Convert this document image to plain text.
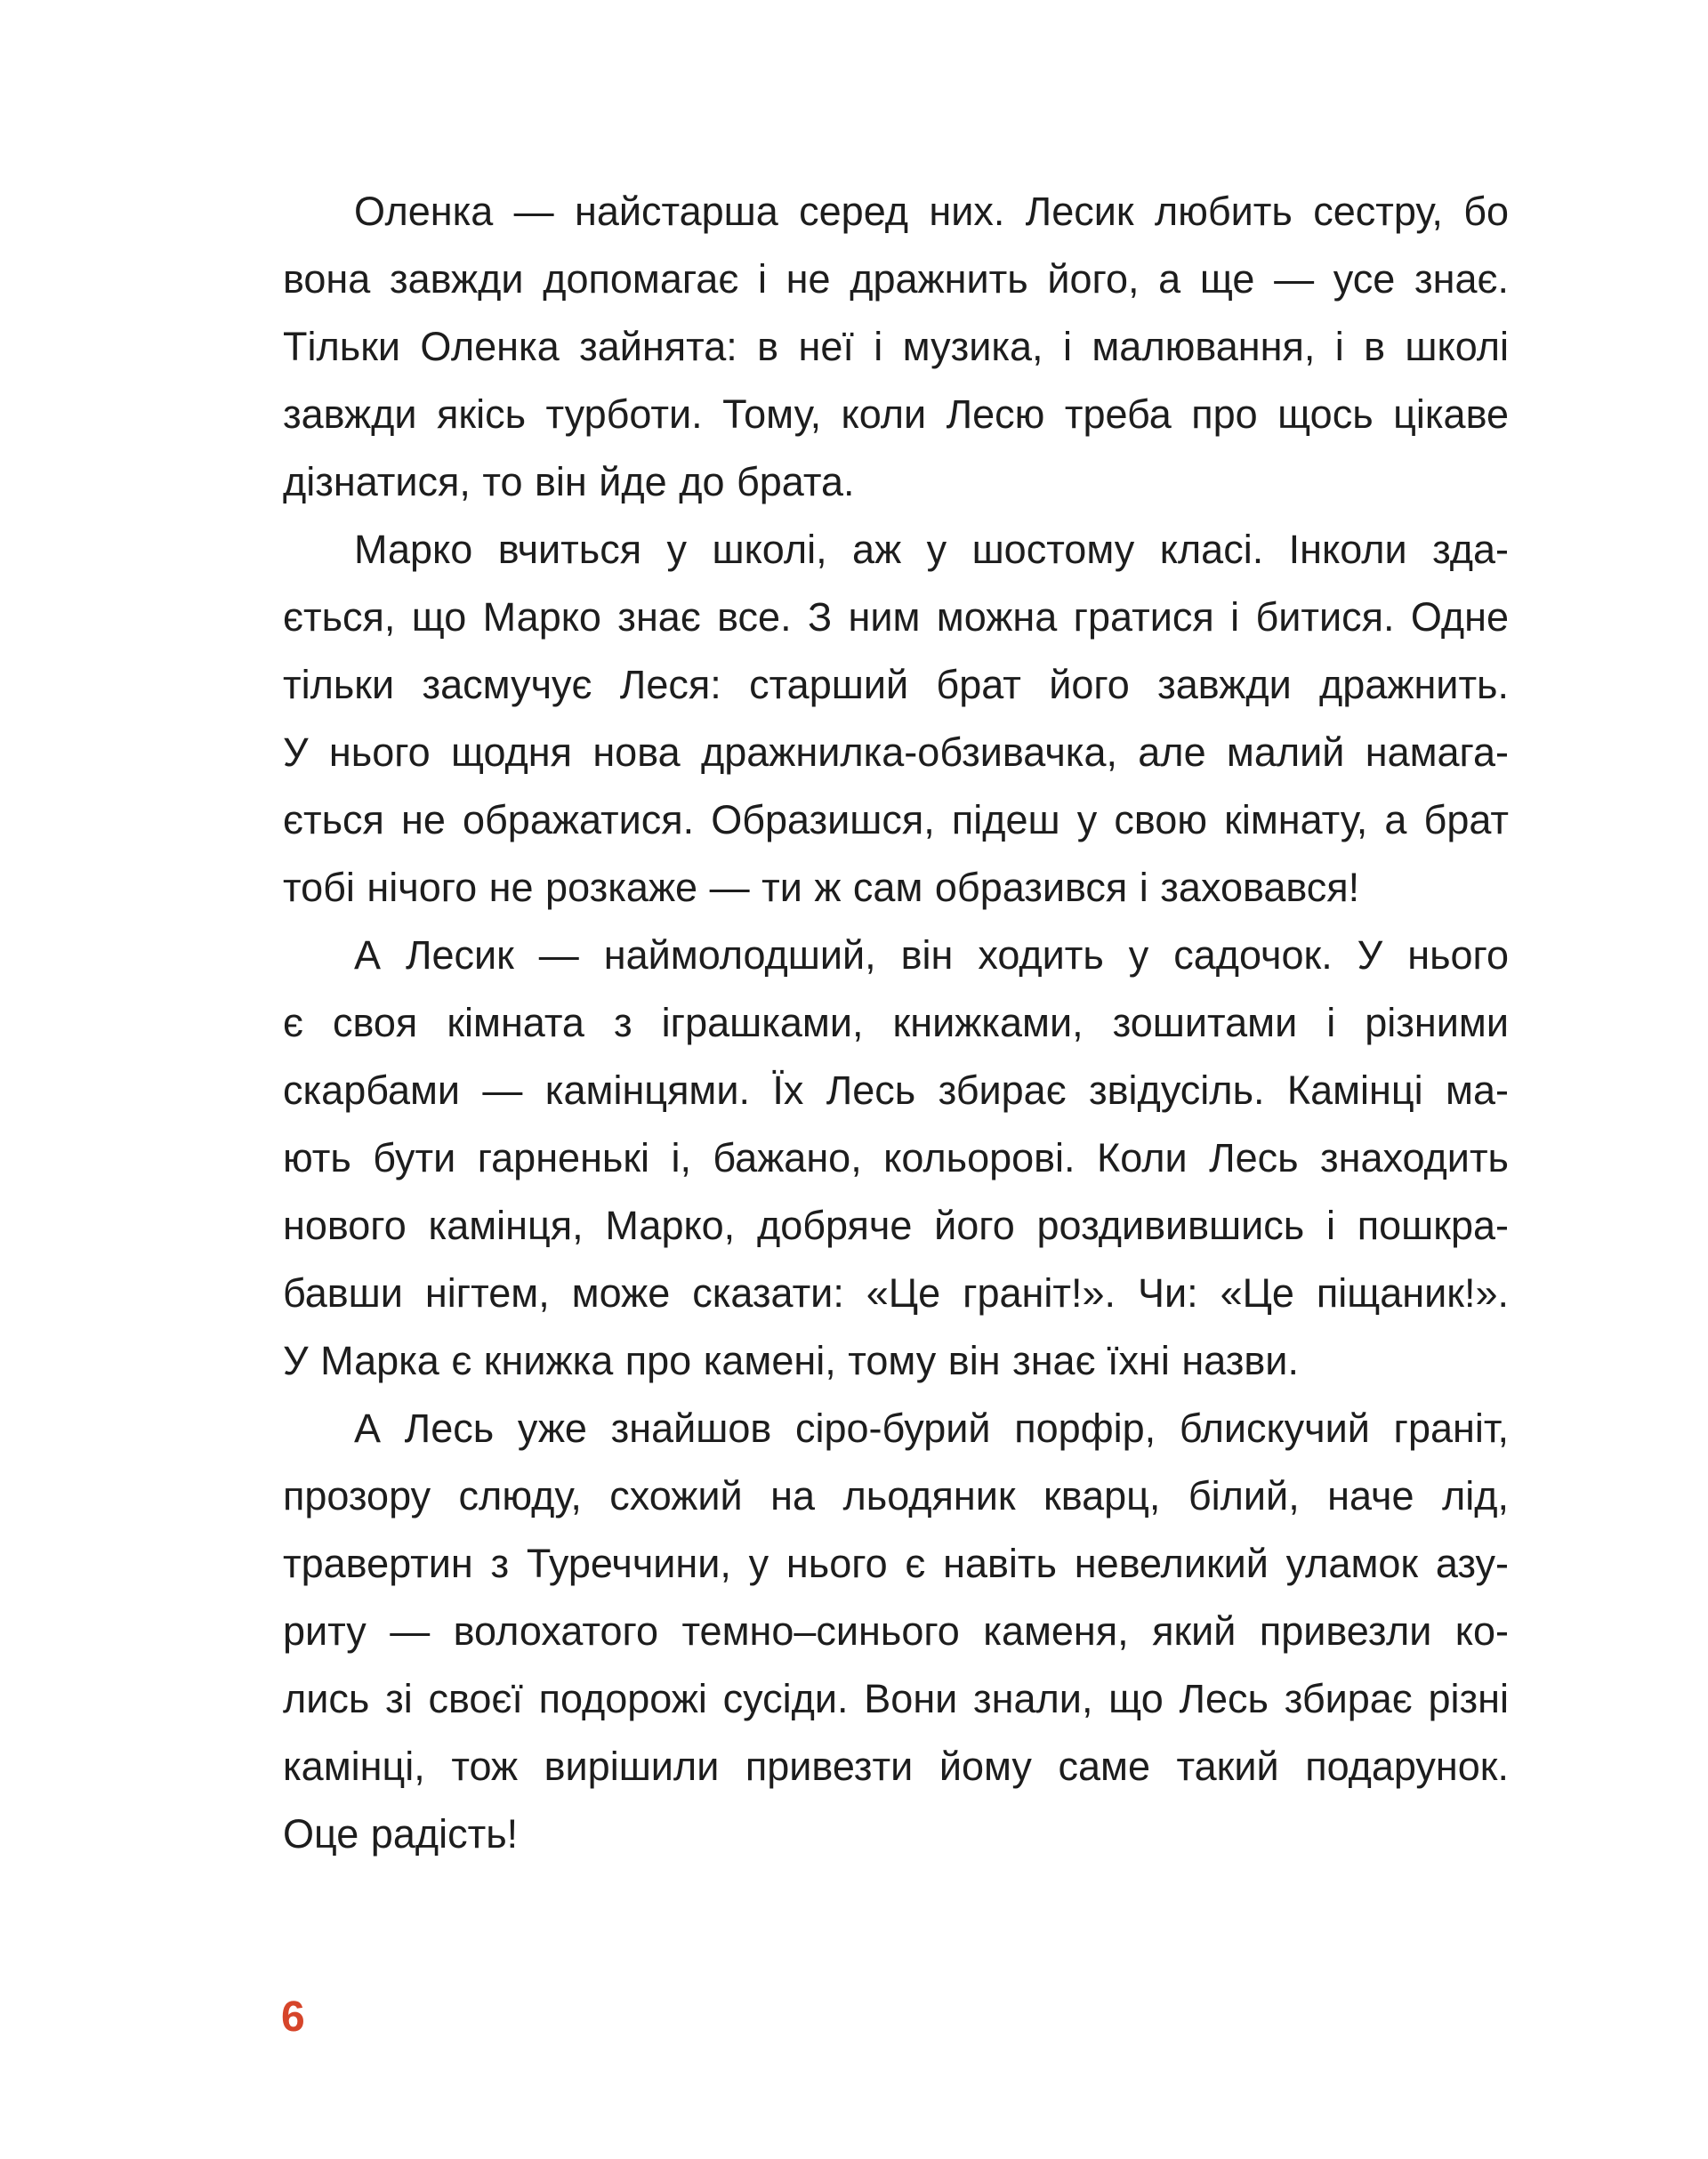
Оленка — найстарша серед них. Лесик любить сестру, бо
вона завжди допомагає і не дражнить його, а ще — усе знає.
Тільки Оленка зайнята: в неї і музика, і малювання, і в школі
завжди якісь турботи. Тому, коли Лесю треба про щось цікаве
дізнатися, то він йде до брата.
Марко вчиться у школі, аж у шостому класі. Інколи зда-
ється, що Марко знає все. З ним можна гратися і битися. Одне
тільки засмучує Леся: старший брат його завжди дражнить.
У нього щодня нова дражнилка-обзивачка, але малий намага-
ється не ображатися. Образишся, підеш у свою кімнату, а брат
тобі нічого не розкаже — ти ж сам образився і заховався!
А Лесик — наймолодший, він ходить у садочок. У нього
є своя кімната з іграшками, книжками, зошитами і різними
скарбами — камінцями. Їх Лесь збирає звідусіль. Камінці ма-
ють бути гарненькі і, бажано, кольорові. Коли Лесь знаходить
нового камінця, Марко, добряче його роздивившись і пошкра-
бавши нігтем, може сказати: «Це граніт!». Чи: «Це піщаник!».
У Марка є книжка про камені, тому він знає їхні назви.
А Лесь уже знайшов сіро-бурий порфір, блискучий граніт,
прозору слюду, схожий на льодяник кварц, білий, наче лід,
травертин з Туреччини, у нього є навіть невеликий уламок азу-
риту — волохатого темно–синього каменя, який привезли ко-
лись зі своєї подорожі сусіди. Вони знали, що Лесь збирає різні
камінці, тож вирішили привезти йому саме такий подарунок.
Оце радість!
6
